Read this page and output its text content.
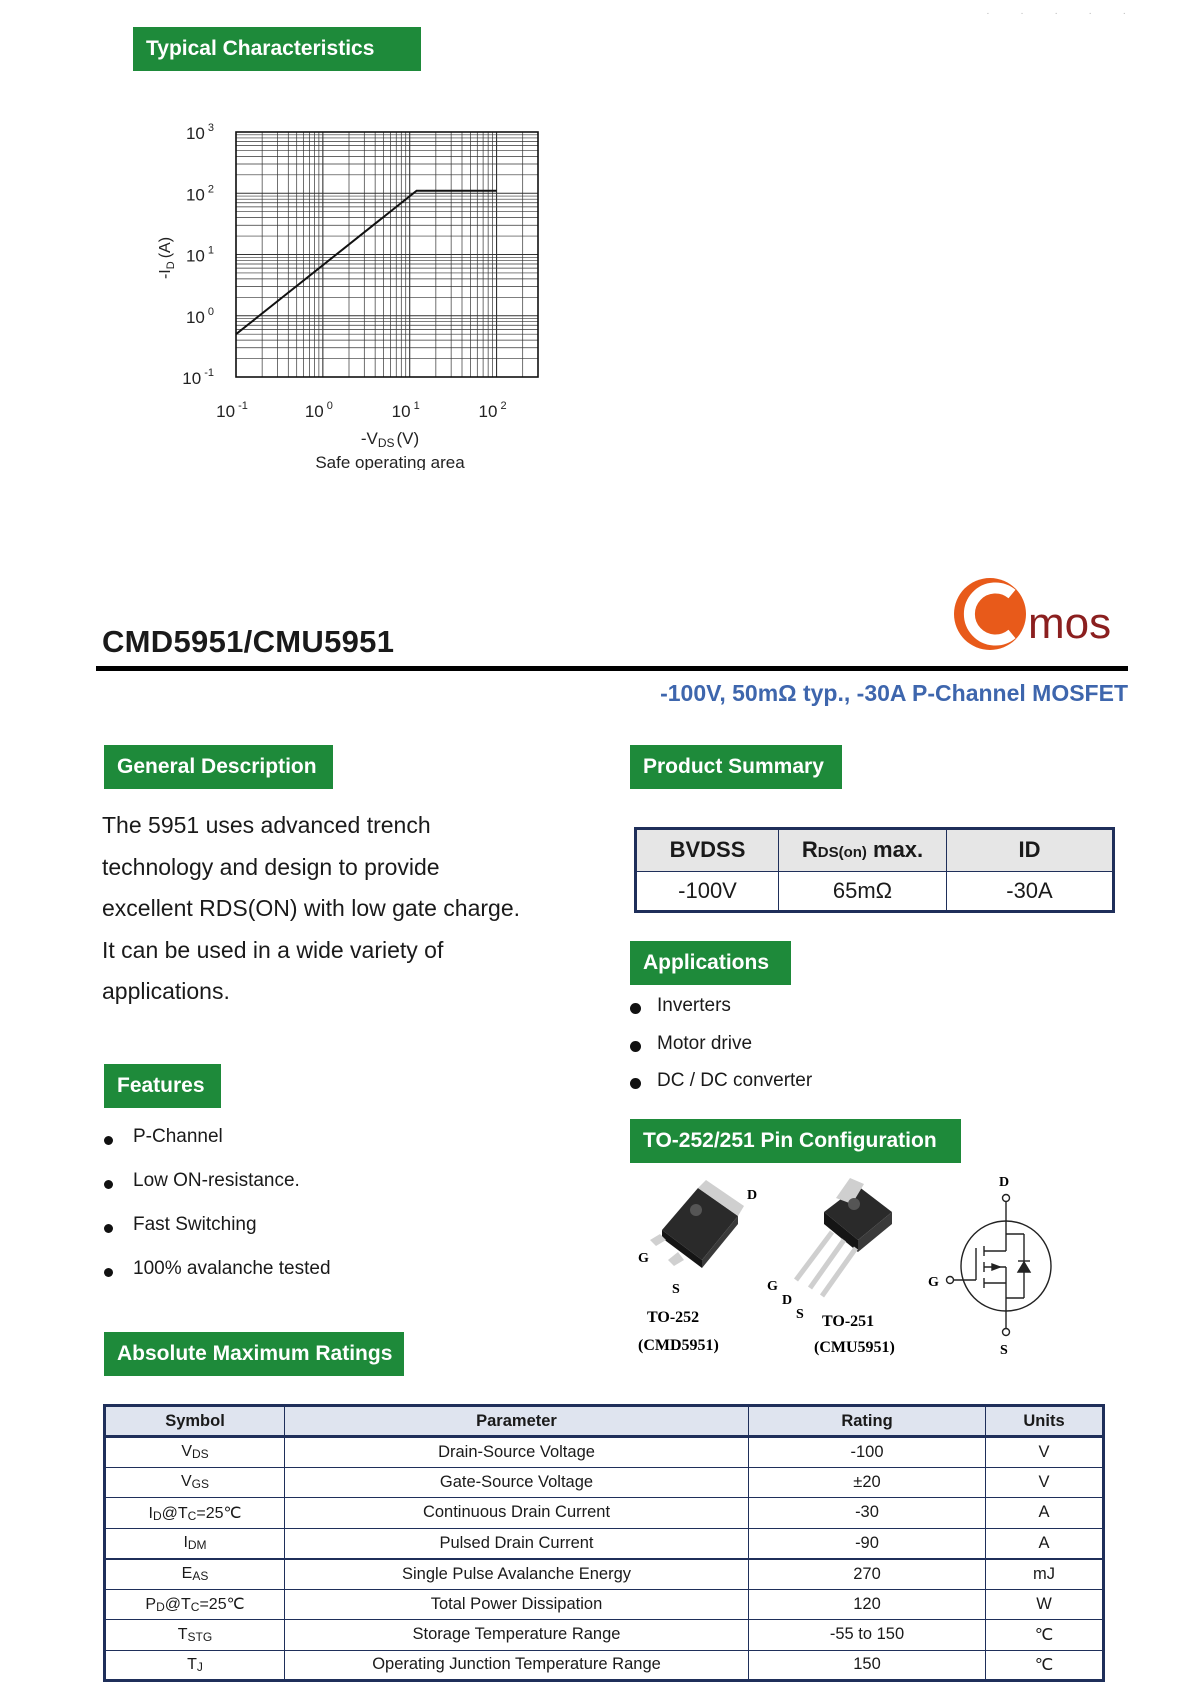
Typical Characteristics
10 $^{-1}$
10 $^0$
10 $^1$
10 $^2$
10 $^3$
10 $^{-1}$	10 $^0$	10 $^1$	10 $^2$
$-I_D(A)$
-VDS (V)
Safe operating area
· · · · ·
mos
CMD5951/CMU5951
-100V, 50mΩ typ., -30A P-Channel MOSFET
General Description
The 5951 uses advanced trench technology and design to provide excellent RDS(ON) with low gate charge. It can be used in a wide variety of applications.
Product Summary
BVDSS	RDS(on) max.	ID
-100V	65mΩ	-30A
Applications
Inverters
Motor drive
DC / DC converter
Features
P-Channel
Low ON-resistance.
Fast Switching
100% avalanche tested
TO-252/251 Pin Configuration
G
D
S
TO-252
(CMD5951)
G
D
S TO-251
(CMU5951)
D
G
S
Absolute Maximum Ratings
Symbol	Parameter	Rating	Units
VDS	Drain-Source Voltage	-100	V
VGS	Gate-Source Voltage	±20	V
ID@TC=25℃	Continuous Drain Current	-30	A
IDM	Pulsed Drain Current	-90	A
EAS	Single Pulse Avalanche Energy	270	mJ
PD@TC=25℃	Total Power Dissipation	120	W
TSTG	Storage Temperature Range	-55 to 150	℃
TJ	Operating Junction Temperature Range	150	℃
